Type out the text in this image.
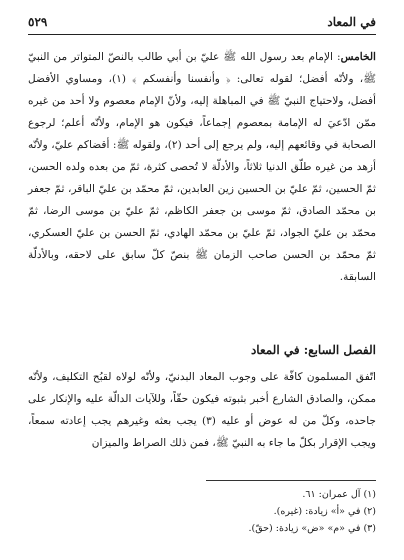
٥٢٩	في المعاد

الخامس: الإمام بعد رسول الله ﷺ عليّ بن أبي طالب بالنصّ المتواتر من النبيّ ﷺ، ولأنّه أفضل؛ لقوله تعالى: ﴿ وأنفسنا وأنفسكم ﴾ (١)، ومساوي الأفضل أفضل، ولاحتياج النبيّ ﷺ في المباهلة إليه، ولأنّ الإمام معصوم ولا أحد من غيره ممّن ادّعيَ له الإمامة بمعصوم إجماعاً، فيكون هو الإمام، ولأنّه أعلم؛ لرجوع الصحابة في وقائعهم إليه، ولم يرجع إلى أحد (٢)، ولقوله ﷺ: أقضاكم عليّ، ولأنّه أزهد من غيره طلّق الدنيا ثلاثاً، والأدلّة لا تُحصى كثرة، ثمّ من بعده ولده الحسن، ثمّ الحسين، ثمّ عليّ بن الحسين زين العابدين، ثمّ محمّد بن عليّ الباقر، ثمّ جعفر بن محمّد الصادق، ثمّ موسى بن جعفر الكاظم، ثمّ عليّ بن موسى الرضا، ثمّ محمّد بن عليّ الجواد، ثمّ عليّ بن محمّد الهادي، ثمّ الحسن بن عليّ العسكري، ثمّ محمّد بن الحسن صاحب الزمان ﷺ بنصّ كلّ سابق على لاحقه، وبالأدلّة السابقة.

الفصل السابع: في المعاد

اتّفق المسلمون كافّة على وجوب المعاد البدنيّ، ولأنّه لولاه لقبُح التكليف، ولأنّه ممكن، والصادق الشارع أخبر بثبوته فيكون حقّاً، وللآيات الدالّة عليه والإنكار على جاحده، وكلّ من له عوض أو عليه (٣) يجب بعثه وغيرهم يجب إعادته سمعاً، ويجب الإقرار بكلّ ما جاء به النبيّ ﷺ، فمن ذلك الصراط والميزان

(١) آل عمران: ٦١.
(٢) في «أ» زيادة: (غيره).
(٣) في «م» «ض» زيادة: (حقّ).
